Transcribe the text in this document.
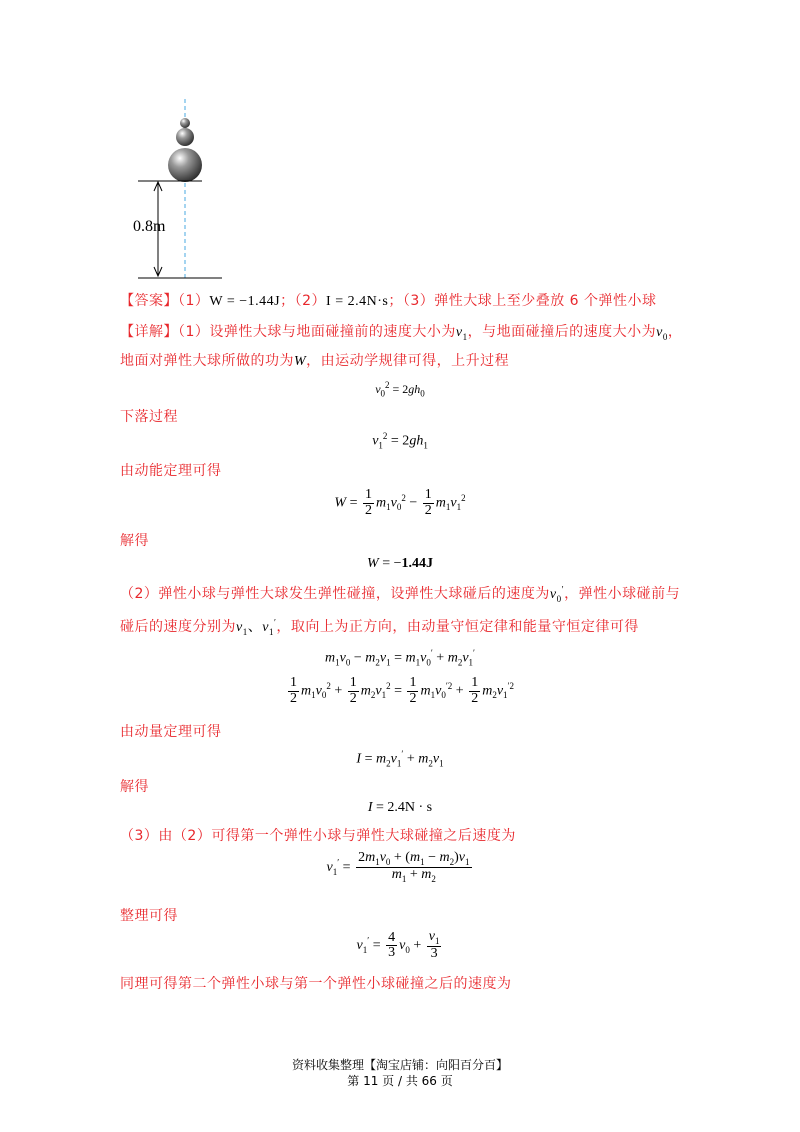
0.8m
【答案】（1）W = −1.44J；（2）I = 2.4N·s；（3）弹性大球上至少叠放 6 个弹性小球
【详解】（1）设弹性大球与地面碰撞前的速度大小为$v_1$，与地面碰撞后的速度大小为$v_0$，
地面对弹性大球所做的功为W，由运动学规律可得，上升过程
$v_0^2 = 2gh_0$
下落过程
$v_1^2 = 2gh_1$
由动能定理可得
$W = \frac{1}{2} m_1v_0^2 - \frac{1}{2} m_1v_1^2$
解得
W = −1.44J
（2）弹性小球与弹性大球发生弹性碰撞，设弹性大球碰后的速度为$v_0'$，弹性小球碰前与
碰后的速度分别为$v_1$、$v_1'$，取向上为正方向，由动量守恒定律和能量守恒定律可得
$m_1v_0 - m_2v_1 = m_1v_0' + m_2v_1'$
$\frac{1}{2} m_1v_0^2 + \frac{1}{2} m_2v_1^2 = \frac{1}{2} m_1v_0^{'2} + \frac{1}{2} m_2v_1^{'2}$
由动量定理可得
$I = m_2v_1' + m_2v_1$
解得
I = 2.4N · s
（3）由（2）可得第一个弹性小球与弹性大球碰撞之后速度为
$v_1' = \frac{2m_1v_0 + (m_1 - m_2)v_1}{m_1 + m_2}$
整理可得
$v_1' = \frac{4}{3} v_0 + \frac{v_1}{3}$
同理可得第二个弹性小球与第一个弹性小球碰撞之后的速度为
资料收集整理【淘宝店铺：向阳百分百】
第 11 页 / 共 66 页
